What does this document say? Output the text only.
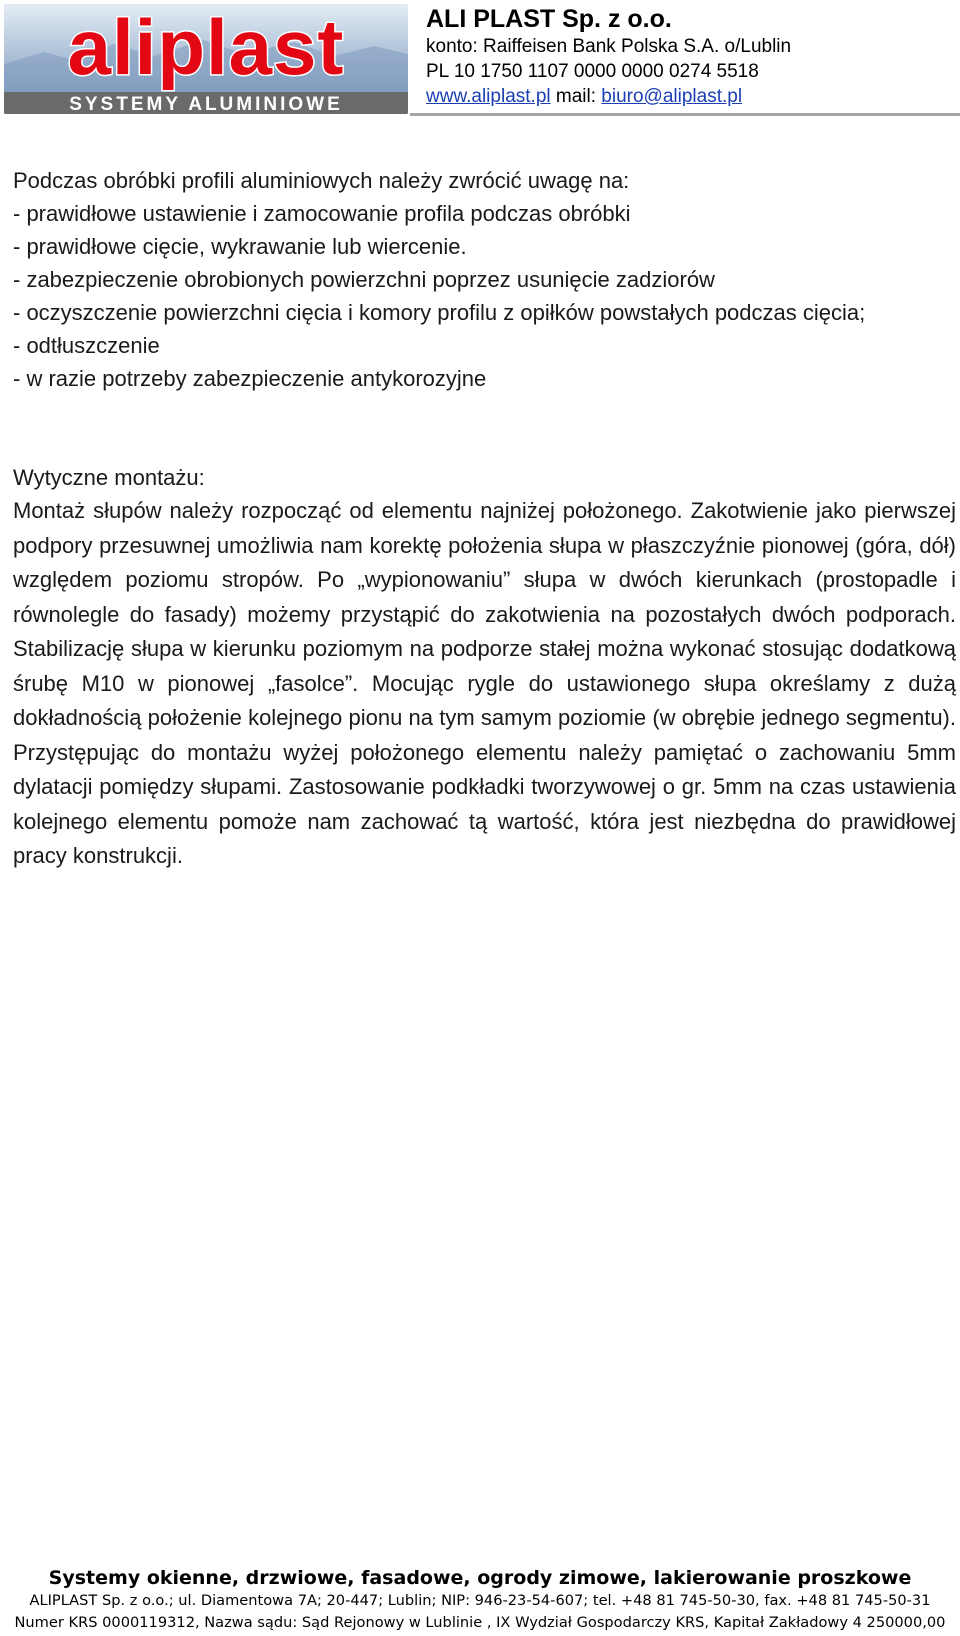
aliplast
SYSTEMY ALUMINIOWE
ALI PLAST Sp. z o.o.
konto: Raiffeisen Bank Polska S.A. o/Lublin
PL 10 1750 1107 0000 0000 0274 5518
www.aliplast.pl mail: biuro@aliplast.pl

Podczas obróbki profili aluminiowych należy zwrócić uwagę na:

- prawidłowe ustawienie i zamocowanie profila podczas obróbki

- prawidłowe cięcie, wykrawanie lub wiercenie.

- zabezpieczenie obrobionych powierzchni poprzez usunięcie zadziorów

- oczyszczenie powierzchni cięcia i komory profilu z opiłków powstałych podczas cięcia;

- odtłuszczenie

- w razie potrzeby zabezpieczenie antykorozyjne

Wytyczne montażu:

Montaż słupów należy rozpocząć od elementu najniżej położonego. Zakotwienie jako pierwszej podpory przesuwnej umożliwia nam korektę położenia słupa w płaszczyźnie pionowej (góra, dół) względem poziomu stropów. Po „wypionowaniu” słupa w dwóch kierunkach (prostopadle i równolegle do fasady) możemy przystąpić do zakotwienia na pozostałych dwóch podporach. Stabilizację słupa w kierunku poziomym na podporze stałej można wykonać stosując dodatkową śrubę M10 w pionowej „fasolce”. Mocując rygle do ustawionego słupa określamy z dużą dokładnością położenie kolejnego pionu na tym samym poziomie (w obrębie jednego segmentu). Przystępując do montażu wyżej położonego elementu należy pamiętać o zachowaniu 5mm dylatacji pomiędzy słupami. Zastosowanie podkładki tworzywowej o gr. 5mm na czas ustawienia kolejnego elementu pomoże nam zachować tą wartość, która jest niezbędna do prawidłowej pracy konstrukcji.

Systemy okienne, drzwiowe, fasadowe, ogrody zimowe, lakierowanie proszkowe
ALIPLAST Sp. z o.o.; ul. Diamentowa 7A; 20-447; Lublin; NIP: 946-23-54-607; tel. +48 81 745-50-30, fax. +48 81 745-50-31
Numer KRS 0000119312, Nazwa sądu: Sąd Rejonowy w Lublinie , IX Wydział Gospodarczy KRS, Kapitał Zakładowy 4 250000,00
